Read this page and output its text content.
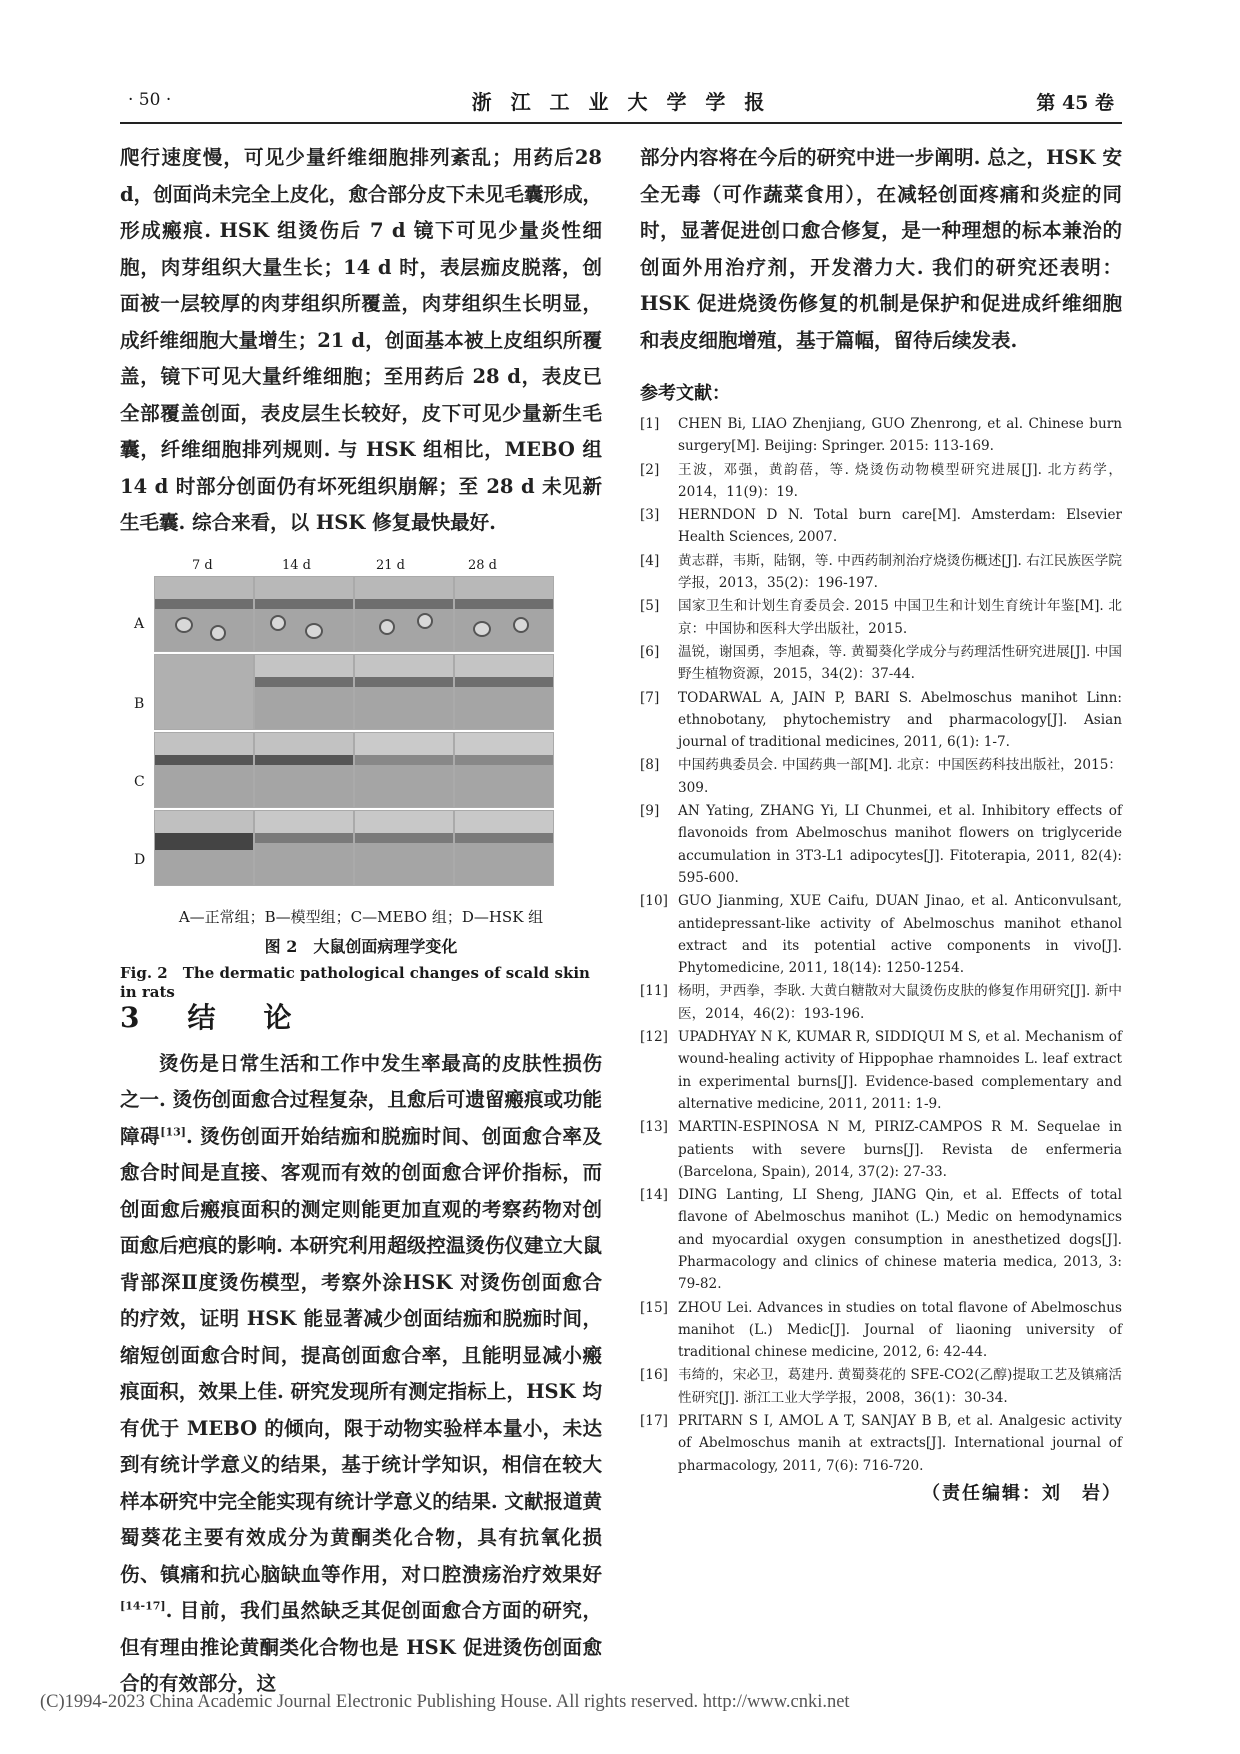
· 50 ·	浙 江 工 业 大 学 学 报	第 45 卷

爬行速度慢，可见少量纤维细胞排列紊乱；用药后28 d，创面尚未完全上皮化，愈合部分皮下未见毛囊形成，形成瘢痕. HSK 组烫伤后 7 d 镜下可见少量炎性细胞，肉芽组织大量生长；14 d 时，表层痂皮脱落，创面被一层较厚的肉芽组织所覆盖，肉芽组织生长明显，成纤维细胞大量增生；21 d，创面基本被上皮组织所覆盖，镜下可见大量纤维细胞；至用药后 28 d，表皮已全部覆盖创面，表皮层生长较好，皮下可见少量新生毛囊，纤维细胞排列规则. 与 HSK 组相比，MEBO 组 14 d 时部分创面仍有坏死组织崩解；至 28 d 未见新生毛囊. 综合来看，以 HSK 修复最快最好.

7 d	14 d	21 d	28 d
A
B
C
D
A—正常组；B—模型组；C—MEBO 组；D—HSK 组
图 2　大鼠创面病理学变化
Fig. 2　The dermatic pathological changes of scald skin in rats
3　结　论

烫伤是日常生活和工作中发生率最高的皮肤性损伤之一. 烫伤创面愈合过程复杂，且愈后可遗留瘢痕或功能障碍[13]. 烫伤创面开始结痂和脱痂时间、创面愈合率及愈合时间是直接、客观而有效的创面愈合评价指标，而创面愈后瘢痕面积的测定则能更加直观的考察药物对创面愈后疤痕的影响. 本研究利用超级控温烫伤仪建立大鼠背部深Ⅱ度烫伤模型，考察外涂HSK 对烫伤创面愈合的疗效，证明 HSK 能显著减少创面结痂和脱痂时间，缩短创面愈合时间，提高创面愈合率，且能明显减小瘢痕面积，效果上佳. 研究发现所有测定指标上，HSK 均有优于 MEBO 的倾向，限于动物实验样本量小，未达到有统计学意义的结果，基于统计学知识，相信在较大样本研究中完全能实现有统计学意义的结果. 文献报道黄蜀葵花主要有效成分为黄酮类化合物，具有抗氧化损伤、镇痛和抗心脑缺血等作用，对口腔溃疡治疗效果好[14-17]. 目前，我们虽然缺乏其促创面愈合方面的研究，但有理由推论黄酮类化合物也是 HSK 促进烫伤创面愈合的有效部分，这

部分内容将在今后的研究中进一步阐明. 总之，HSK 安全无毒（可作蔬菜食用），在减轻创面疼痛和炎症的同时，显著促进创口愈合修复，是一种理想的标本兼治的创面外用治疗剂，开发潜力大. 我们的研究还表明：HSK 促进烧烫伤修复的机制是保护和促进成纤维细胞和表皮细胞增殖，基于篇幅，留待后续发表.

参考文献：
[1]	CHEN Bi, LIAO Zhenjiang, GUO Zhenrong, et al. Chinese burn surgery[M]. Beijing: Springer. 2015: 113-169.
[2]	王波，邓强，黄韵蓓，等. 烧烫伤动物模型研究进展[J]. 北方药学，2014，11(9)：19.
[3]	HERNDON D N. Total burn care[M]. Amsterdam: Elsevier Health Sciences, 2007.
[4]	黄志群，韦斯，陆钢，等. 中西药制剂治疗烧烫伤概述[J]. 右江民族医学院学报，2013，35(2)：196-197.
[5]	国家卫生和计划生育委员会. 2015 中国卫生和计划生育统计年鉴[M]. 北京：中国协和医科大学出版社，2015.
[6]	温锐，谢国勇，李旭森，等. 黄蜀葵化学成分与药理活性研究进展[J]. 中国野生植物资源，2015，34(2)：37-44.
[7]	TODARWAL A, JAIN P, BARI S. Abelmoschus manihot Linn: ethnobotany, phytochemistry and pharmacology[J]. Asian journal of traditional medicines, 2011, 6(1): 1-7.
[8]	中国药典委员会. 中国药典一部[M]. 北京：中国医药科技出版社，2015：309.
[9]	AN Yating, ZHANG Yi, LI Chunmei, et al. Inhibitory effects of flavonoids from Abelmoschus manihot flowers on triglyceride accumulation in 3T3-L1 adipocytes[J]. Fitoterapia, 2011, 82(4): 595-600.
[10] GUO Jianming, XUE Caifu, DUAN Jinao, et al. Anticonvulsant, antidepressant-like activity of Abelmoschus manihot ethanol extract and its potential active components in vivo[J]. Phytomedicine, 2011, 18(14): 1250-1254.
[11] 杨明，尹西拳，李耿. 大黄白糖散对大鼠烫伤皮肤的修复作用研究[J]. 新中医，2014，46(2)：193-196.
[12] UPADHYAY N K, KUMAR R, SIDDIQUI M S, et al. Mechanism of wound-healing activity of Hippophae rhamnoides L. leaf extract in experimental burns[J]. Evidence-based complementary and alternative medicine, 2011, 2011: 1-9.
[13] MARTIN-ESPINOSA N M, PIRIZ-CAMPOS R M. Sequelae in patients with severe burns[J]. Revista de enfermeria (Barcelona, Spain), 2014, 37(2): 27-33.
[14] DING Lanting, LI Sheng, JIANG Qin, et al. Effects of total flavone of Abelmoschus manihot (L.) Medic on hemodynamics and myocardial oxygen consumption in anesthetized dogs[J]. Pharmacology and clinics of chinese materia medica, 2013, 3: 79-82.
[15] ZHOU Lei. Advances in studies on total flavone of Abelmoschus manihot (L.) Medic[J]. Journal of liaoning university of traditional chinese medicine, 2012, 6: 42-44.
[16] 韦绮的，宋必卫，葛建丹. 黄蜀葵花的 SFE-CO2(乙醇)提取工艺及镇痛活性研究[J]. 浙江工业大学学报，2008，36(1)：30-34.
[17] PRITARN S I, AMOL A T, SANJAY B B, et al. Analgesic activity of Abelmoschus manih at extracts[J]. International journal of pharmacology, 2011, 7(6): 716-720.
（责任编辑：刘　岩）
(C)1994-2023 China Academic Journal Electronic Publishing House. All rights reserved. http://www.cnki.net
